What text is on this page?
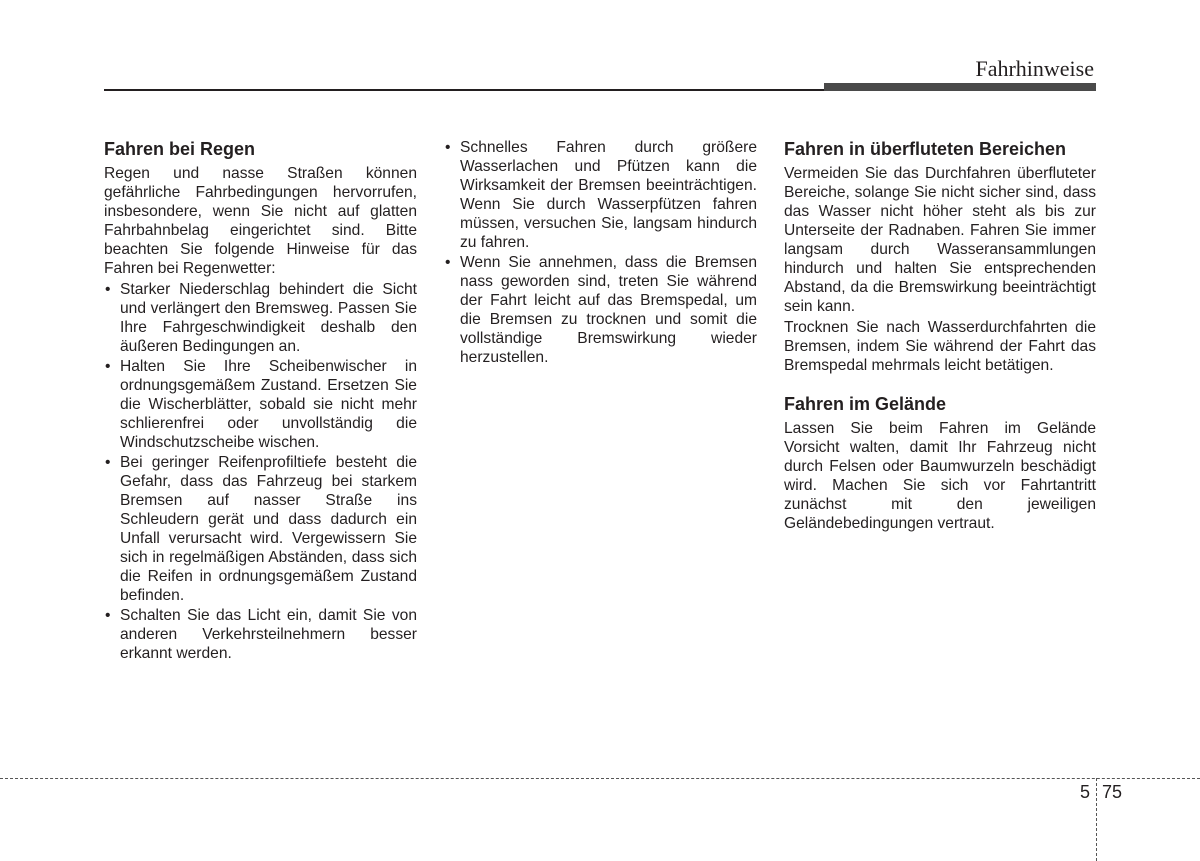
Fahrhinweise
Fahren bei Regen

Regen und nasse Straßen können gefährliche Fahrbedingungen hervorrufen, insbesondere, wenn Sie nicht auf glatten Fahrbahnbelag eingerichtet sind. Bitte beachten Sie folgende Hinweise für das Fahren bei Regenwetter:

• Starker Niederschlag behindert die Sicht und verlängert den Bremsweg. Passen Sie Ihre Fahrgeschwindigkeit deshalb den äußeren Bedingungen an.
• Halten Sie Ihre Scheibenwischer in ordnungsgemäßem Zustand. Ersetzen Sie die Wischerblätter, sobald sie nicht mehr schlierenfrei oder unvollständig die Windschutzscheibe wischen.
• Bei geringer Reifenprofiltiefe besteht die Gefahr, dass das Fahrzeug bei starkem Bremsen auf nasser Straße ins Schleudern gerät und dass dadurch ein Unfall verursacht wird. Vergewissern Sie sich in regelmäßigen Abständen, dass sich die Reifen in ordnungsgemäßem Zustand befinden.
• Schalten Sie das Licht ein, damit Sie von anderen Verkehrsteilnehmern besser erkannt werden.
• Schnelles Fahren durch größere Wasserlachen und Pfützen kann die Wirksamkeit der Bremsen beeinträchtigen. Wenn Sie durch Wasserpfützen fahren müssen, versuchen Sie, langsam hindurch zu fahren.
• Wenn Sie annehmen, dass die Bremsen nass geworden sind, treten Sie während der Fahrt leicht auf das Bremspedal, um die Bremsen zu trocknen und somit die vollständige Bremswirkung wieder herzustellen.
Fahren in überfluteten Bereichen

Vermeiden Sie das Durchfahren überfluteter Bereiche, solange Sie nicht sicher sind, dass das Wasser nicht höher steht als bis zur Unterseite der Radnaben. Fahren Sie immer langsam durch Wasseransammlungen hindurch und halten Sie entsprechenden Abstand, da die Bremswirkung beeinträchtigt sein kann.

Trocknen Sie nach Wasserdurchfahrten die Bremsen, indem Sie während der Fahrt das Bremspedal mehrmals leicht betätigen.

Fahren im Gelände

Lassen Sie beim Fahren im Gelände Vorsicht walten, damit Ihr Fahrzeug nicht durch Felsen oder Baumwurzeln beschädigt wird. Machen Sie sich vor Fahrtantritt zunächst mit den jeweiligen Geländebedingungen vertraut.

5 75
